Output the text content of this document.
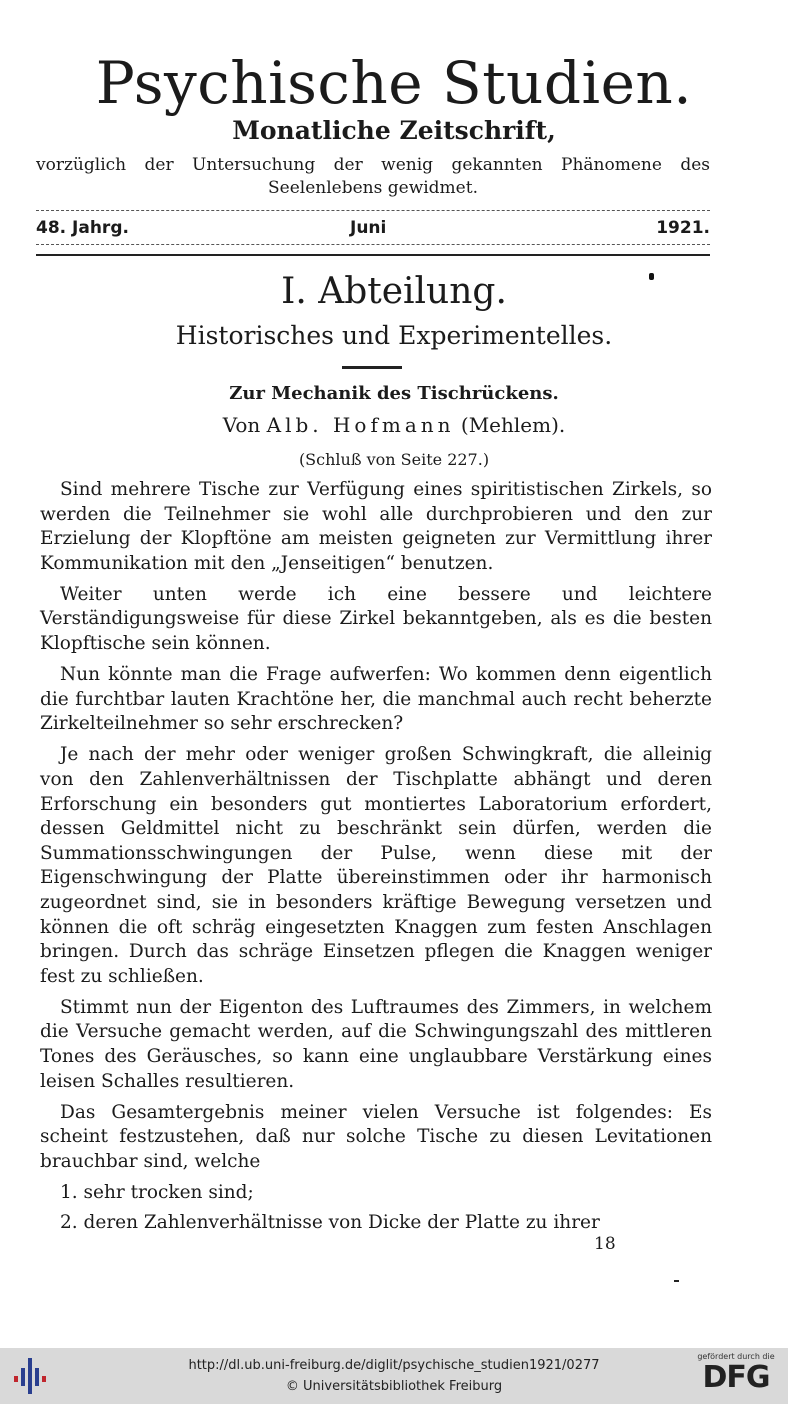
Psychische Studien.
Monatliche Zeitschrift,
vorzüglich der Untersuchung der wenig gekannten Phänomene des Seelenlebens gewidmet.
48. Jahrg.	Juni	1921.
I. Abteilung.
Historisches und Experimentelles.
Zur Mechanik des Tischrückens.
Von Alb. Hofmann (Mehlem).
(Schluß von Seite 227.)

Sind mehrere Tische zur Verfügung eines spiritistischen Zirkels, so werden die Teilnehmer sie wohl alle durchprobieren und den zur Erzielung der Klopftöne am meisten geigneten zur Vermittlung ihrer Kommunikation mit den „Jenseitigen“ benutzen.

Weiter unten werde ich eine bessere und leichtere Verständigungsweise für diese Zirkel bekanntgeben, als es die besten Klopftische sein können.

Nun könnte man die Frage aufwerfen: Wo kommen denn eigentlich die furchtbar lauten Krachtöne her, die manchmal auch recht beherzte Zirkelteilnehmer so sehr erschrecken?

Je nach der mehr oder weniger großen Schwingkraft, die alleinig von den Zahlenverhältnissen der Tischplatte abhängt und deren Erforschung ein besonders gut montiertes Laboratorium erfordert, dessen Geldmittel nicht zu beschränkt sein dürfen, werden die Summationsschwingungen der Pulse, wenn diese mit der Eigenschwingung der Platte übereinstimmen oder ihr harmonisch zugeordnet sind, sie in besonders kräftige Bewegung versetzen und können die oft schräg eingesetzten Knaggen zum festen Anschlagen bringen. Durch das schräge Einsetzen pflegen die Knaggen weniger fest zu schließen.

Stimmt nun der Eigenton des Luftraumes des Zimmers, in welchem die Versuche gemacht werden, auf die Schwingungszahl des mittleren Tones des Geräusches, so kann eine unglaubbare Verstärkung eines leisen Schalles resultieren.

Das Gesamtergebnis meiner vielen Versuche ist folgendes: Es scheint festzustehen, daß nur solche Tische zu diesen Levitationen brauchbar sind, welche

1. sehr trocken sind;

2. deren Zahlenverhältnisse von Dicke der Platte zu ihrer

18
http://dl.ub.uni-freiburg.de/diglit/psychische_studien1921/0277
© Universitätsbibliothek Freiburg
gefördert durch die
DFG
